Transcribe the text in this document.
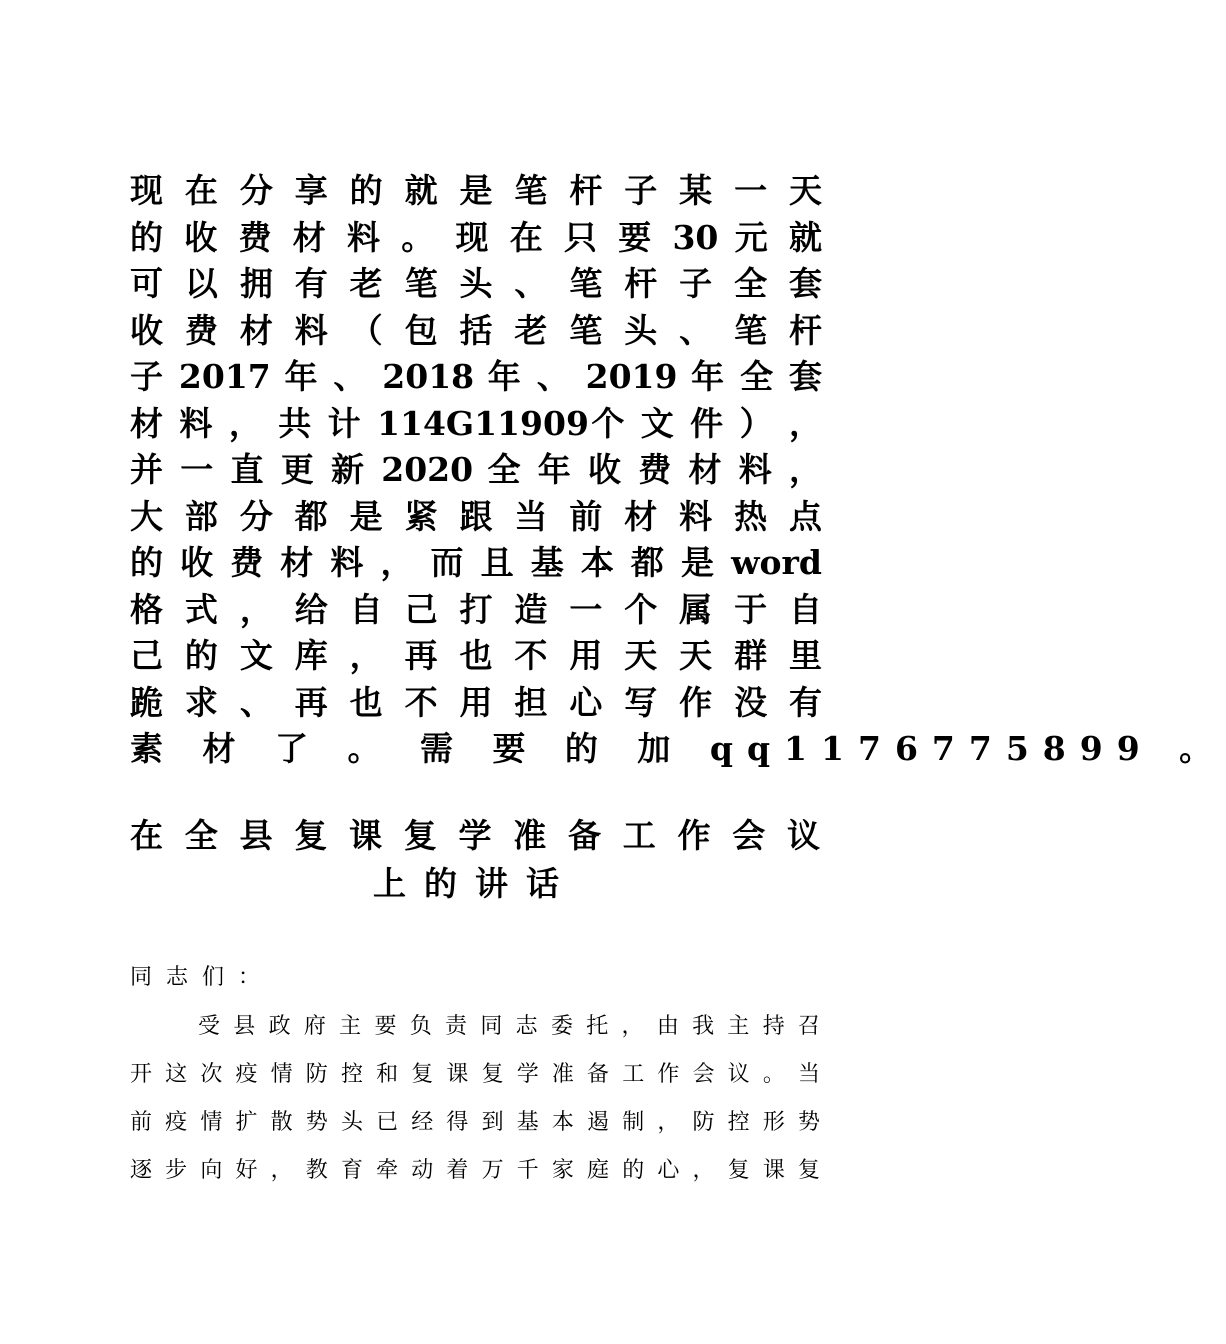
现 在 分 享 的 就 是 笔 杆 子 某 一 天
的 收 费 材 料 。 现 在 只 要 30 元 就
可 以 拥 有 老 笔 头 、 笔 杆 子 全 套
收 费 材 料 （ 包 括 老 笔 头 、 笔 杆
子 2017 年 、 2018 年 、 2019 年 全 套
材 料 ， 共 计 114G11909个 文 件 ） ，
并 一 直 更 新 2020 全 年 收 费 材 料 ，
大 部 分 都 是 紧 跟 当 前 材 料 热 点
的 收 费 材 料 ， 而 且 基 本 都 是 word
格 式 ， 给 自 己 打 造 一 个 属 于 自
己 的 文 库 ， 再 也 不 用 天 天 群 里
跪 求 、 再 也 不 用 担 心 写 作 没 有
素 材 了 。 需 要 的 加 qq1176775899 。
在 全 县 复 课 复 学 准 备 工 作 会 议
上的讲话
同志们：
受 县 政 府 主 要 负 责 同 志 委 托 ， 由 我 主 持 召
开 这 次 疫 情 防 控 和 复 课 复 学 准 备 工 作 会 议 。 当
前 疫 情 扩 散 势 头 已 经 得 到 基 本 遏 制 ， 防 控 形 势
逐 步 向 好 ， 教 育 牵 动 着 万 千 家 庭 的 心 ， 复 课 复
